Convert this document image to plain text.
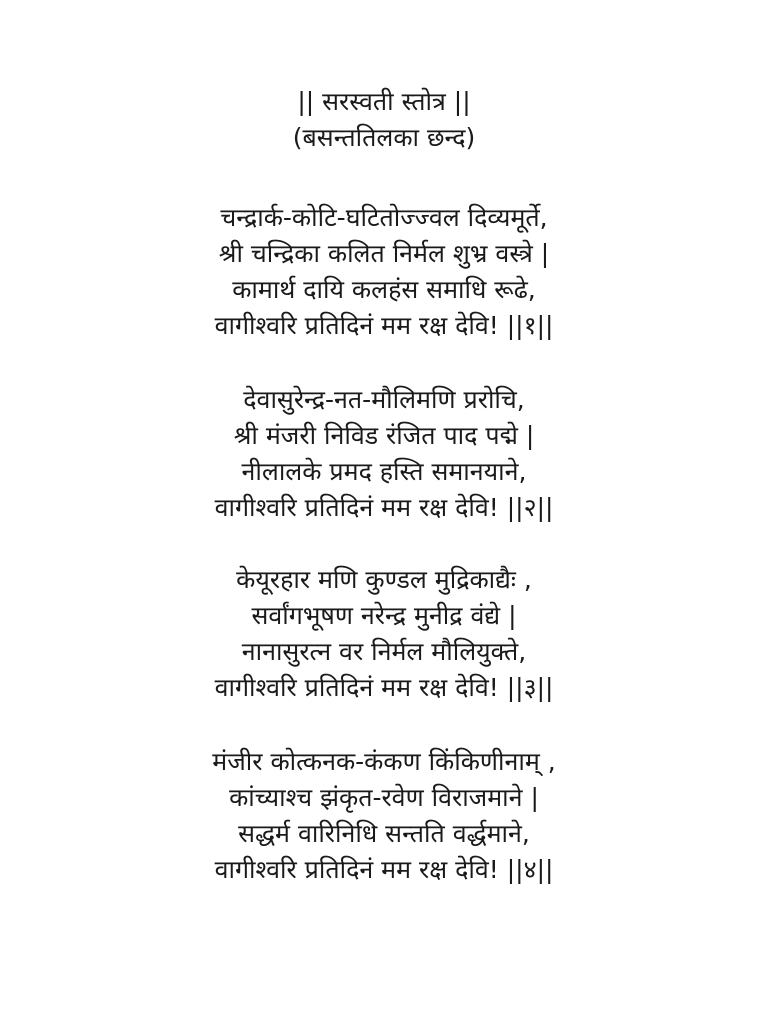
|| सरस्वती स्तोत्र ||
(बसन्ततिलका छन्द)
चन्द्रार्क-कोटि-घटितोज्ज्वल दिव्यमूर्ते,
श्री चन्द्रिका कलित निर्मल शुभ्र वस्त्रे |
कामार्थ दायि कलहंस समाधि रूढे,
वागीश्वरि प्रतिदिनं मम रक्ष देवि! ||१||
देवासुरेन्द्र-नत-मौलिमणि प्ररोचि,
श्री मंजरी निविड रंजित पाद पद्मे |
नीलालके प्रमद हस्ति समानयाने,
वागीश्वरि प्रतिदिनं मम रक्ष देवि! ||२||
केयूरहार मणि कुण्डल मुद्रिकाद्यैः ,
सर्वांगभूषण नरेन्द्र मुनीद्र वंद्ये |
नानासुरत्न वर निर्मल मौलियुक्ते,
वागीश्वरि प्रतिदिनं मम रक्ष देवि! ||३||
मंजीर कोत्कनक-कंकण किंकिणीनाम् ,
कांच्याश्च झंकृत-रवेण विराजमाने |
सद्धर्म वारिनिधि सन्तति वर्द्धमाने,
वागीश्वरि प्रतिदिनं मम रक्ष देवि! ||४||
